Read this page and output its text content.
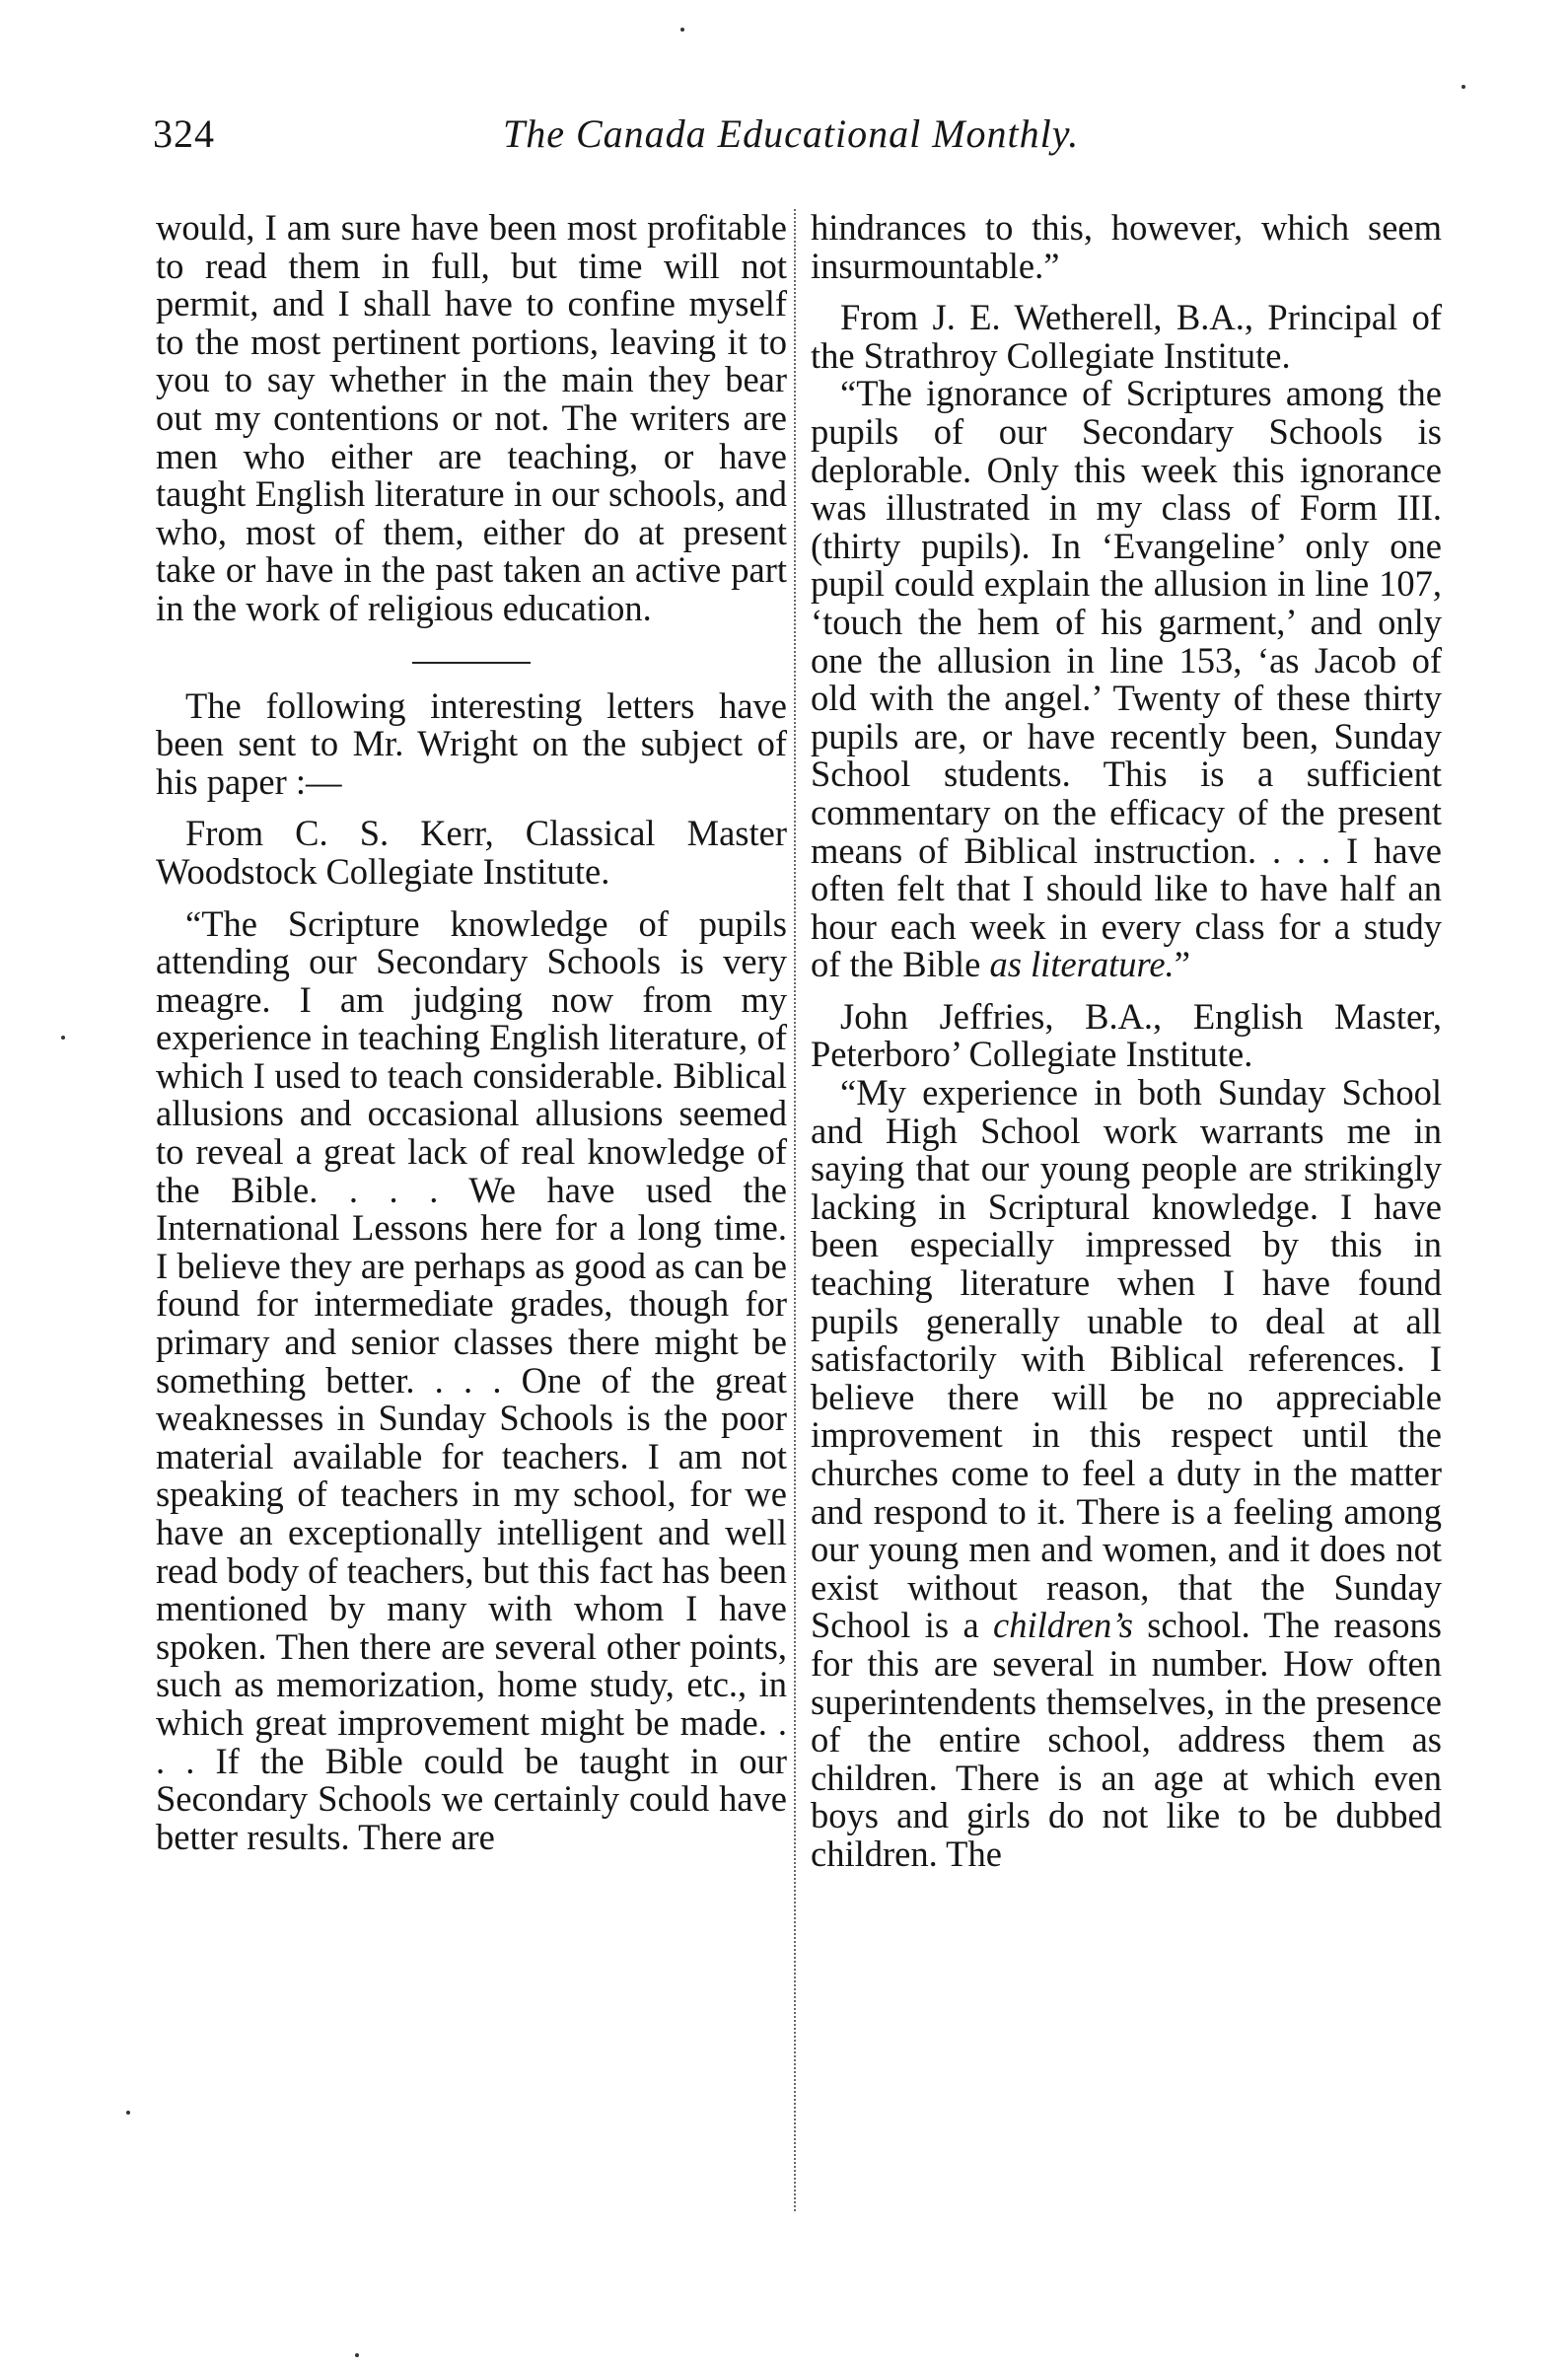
324	The Canada Educational Monthly.

would, I am sure have been most profitable to read them in full, but time will not permit, and I shall have to confine myself to the most pertinent portions, leaving it to you to say whether in the main they bear out my contentions or not. The writers are men who either are teaching, or have taught English literature in our schools, and who, most of them, either do at present take or have in the past taken an active part in the work of religious education.

The following interesting letters have been sent to Mr. Wright on the subject of his paper :—

From C. S. Kerr, Classical Master Woodstock Collegiate Institute.

“The Scripture knowledge of pupils attending our Secondary Schools is very meagre. I am judging now from my experience in teaching English literature, of which I used to teach considerable. Biblical allusions and occasional allusions seemed to reveal a great lack of real knowledge of the Bible. . . . We have used the International Lessons here for a long time. I believe they are perhaps as good as can be found for intermediate grades, though for primary and senior classes there might be something better. . . . One of the great weaknesses in Sunday Schools is the poor material available for teachers. I am not speaking of teachers in my school, for we have an exceptionally intelligent and well read body of teachers, but this fact has been mentioned by many with whom I have spoken. Then there are several other points, such as memorization, home study, etc., in which great improvement might be made. . . . If the Bible could be taught in our Secondary Schools we certainly could have better results. There are

hindrances to this, however, which seem insurmountable.”

From J. E. Wetherell, B.A., Principal of the Strathroy Collegiate Institute.

“The ignorance of Scriptures among the pupils of our Secondary Schools is deplorable. Only this week this ignorance was illustrated in my class of Form III. (thirty pupils). In ‘Evangeline’ only one pupil could explain the allusion in line 107, ‘touch the hem of his garment,’ and only one the allusion in line 153, ‘as Jacob of old with the angel.’ Twenty of these thirty pupils are, or have recently been, Sunday School students. This is a sufficient commentary on the efficacy of the present means of Biblical instruction. . . . I have often felt that I should like to have half an hour each week in every class for a study of the Bible as literature.”

John Jeffries, B.A., English Master, Peterboro’ Collegiate Institute.

“My experience in both Sunday School and High School work warrants me in saying that our young people are strikingly lacking in Scriptural knowledge. I have been especially impressed by this in teaching literature when I have found pupils generally unable to deal at all satisfactorily with Biblical references. I believe there will be no appreciable improvement in this respect until the churches come to feel a duty in the matter and respond to it. There is a feeling among our young men and women, and it does not exist without reason, that the Sunday School is a children’s school. The reasons for this are several in number. How often superintendents themselves, in the presence of the entire school, address them as children. There is an age at which even boys and girls do not like to be dubbed children. The
